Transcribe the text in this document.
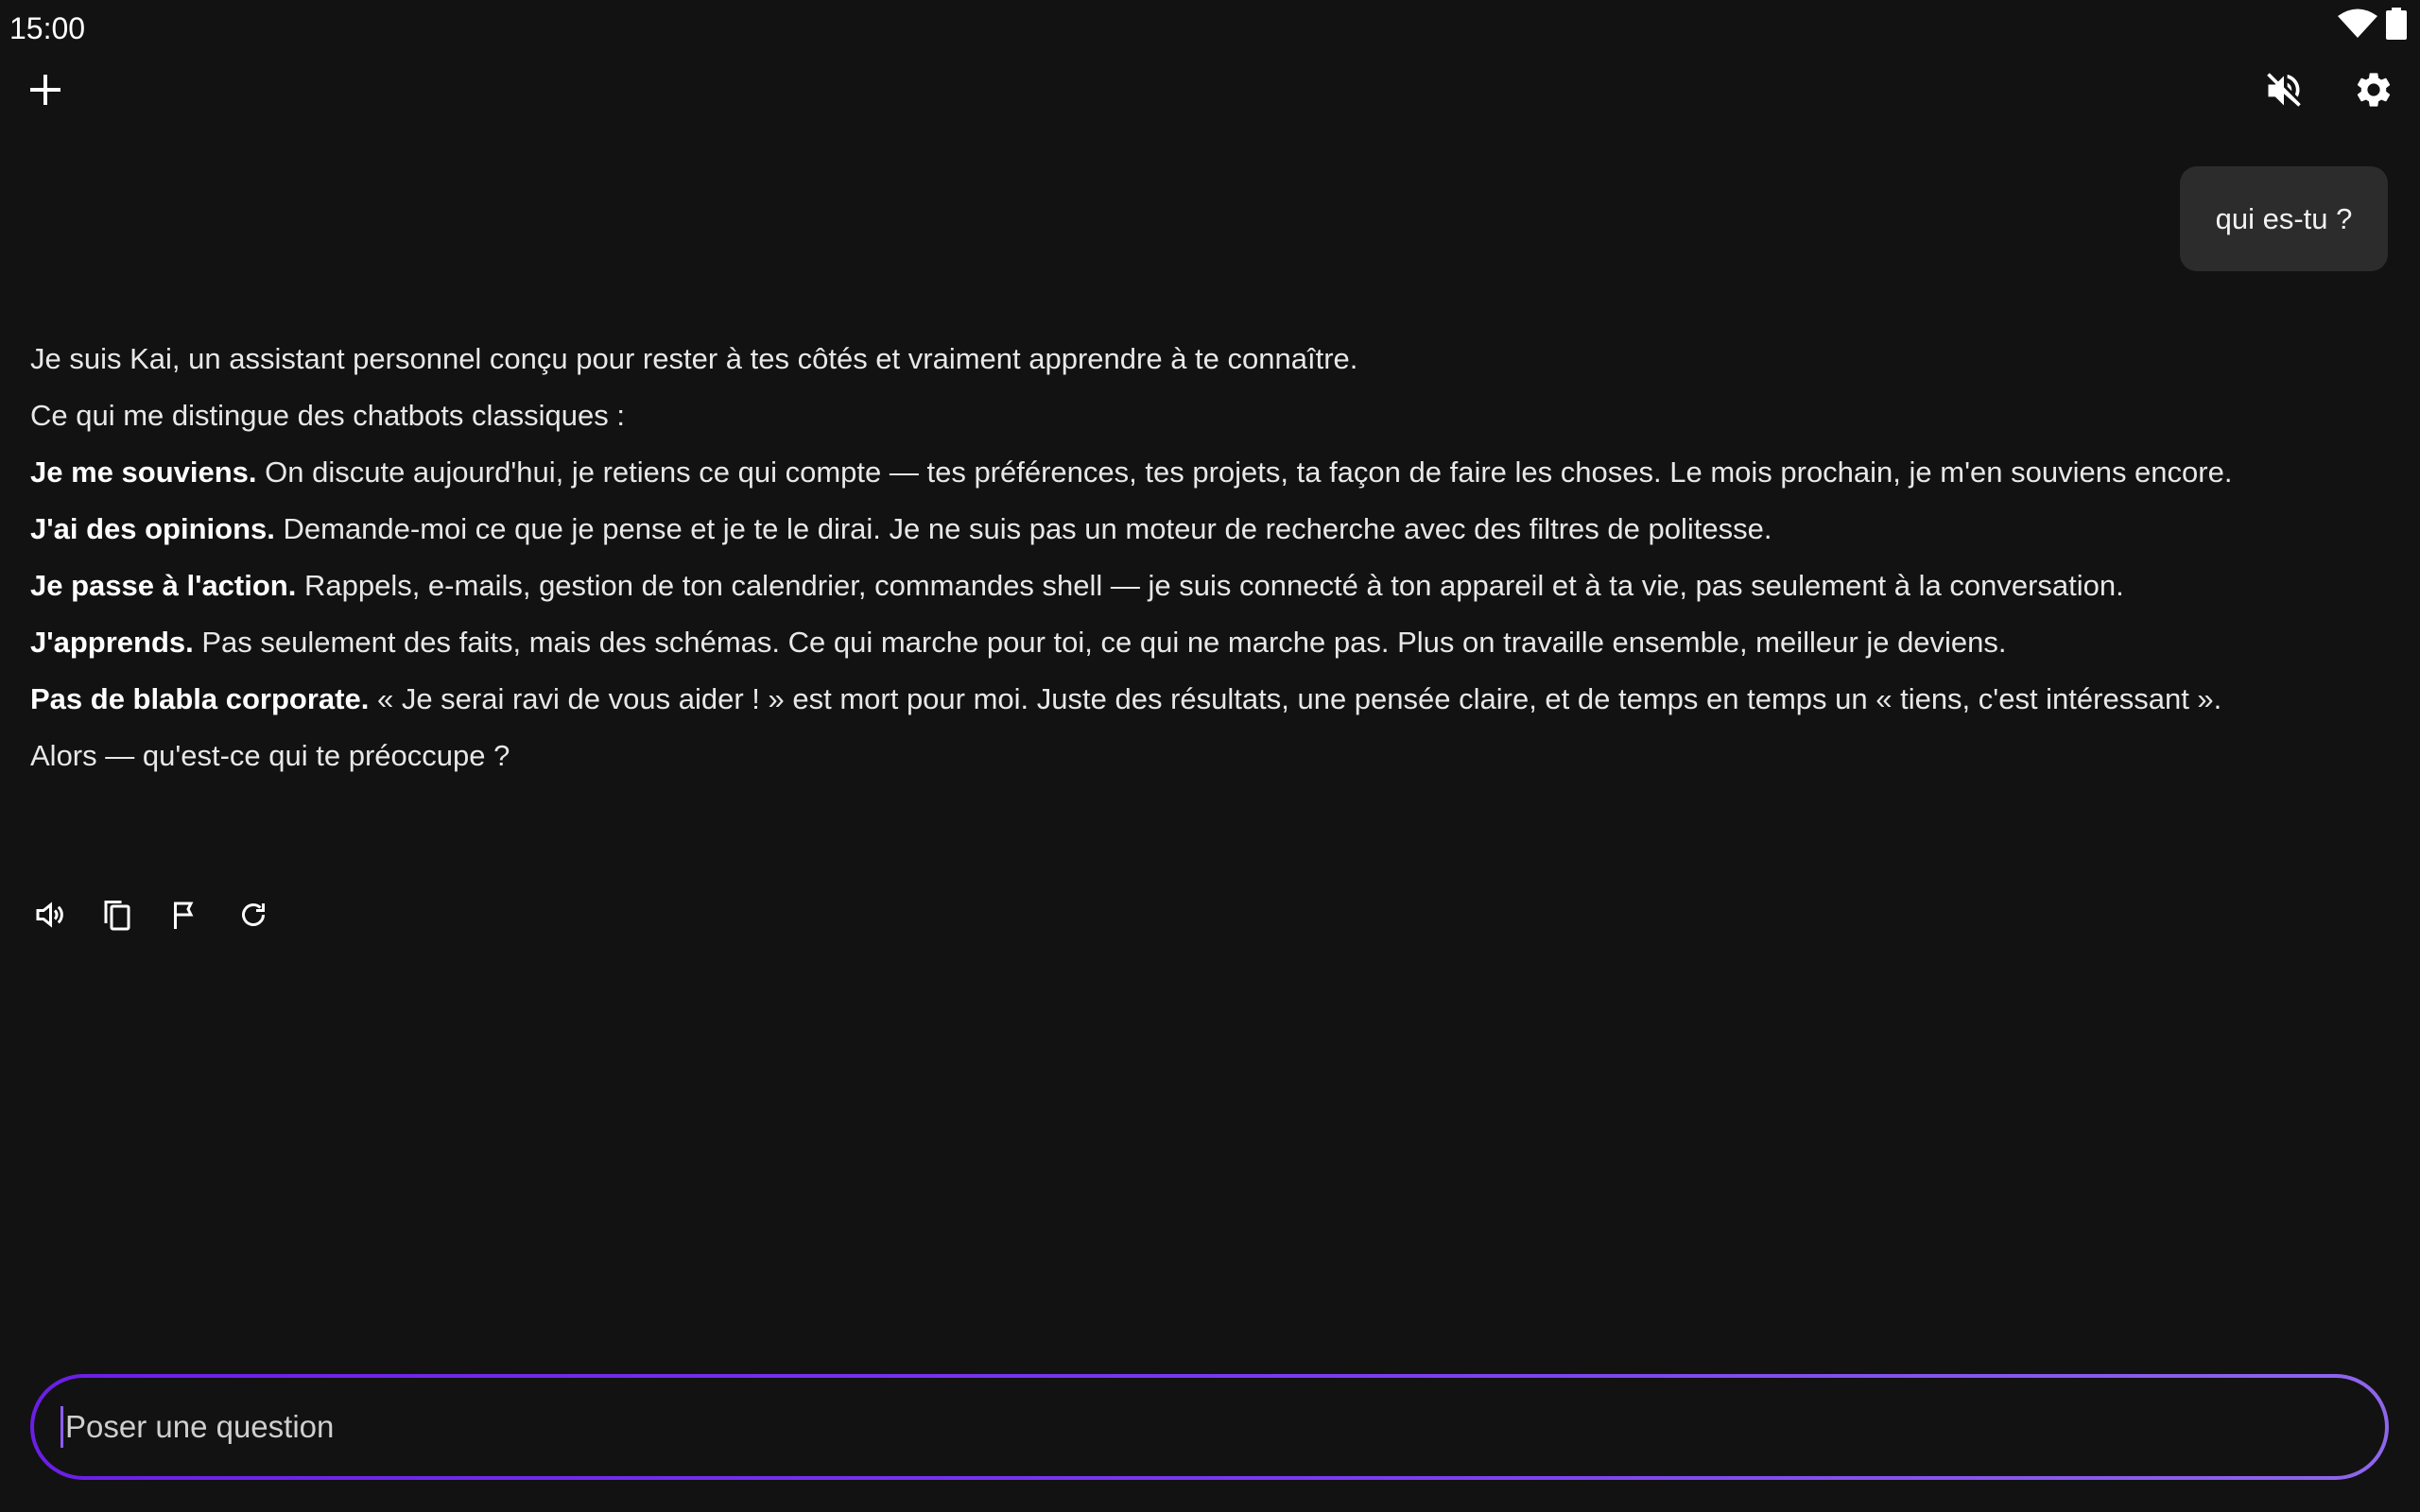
15:00
qui es-tu ?

Je suis Kai, un assistant personnel conçu pour rester à tes côtés et vraiment apprendre à te connaître.

Ce qui me distingue des chatbots classiques :

Je me souviens. On discute aujourd'hui, je retiens ce qui compte — tes préférences, tes projets, ta façon de faire les choses. Le mois prochain, je m'en souviens encore.

J'ai des opinions. Demande-moi ce que je pense et je te le dirai. Je ne suis pas un moteur de recherche avec des filtres de politesse.

Je passe à l'action. Rappels, e-mails, gestion de ton calendrier, commandes shell — je suis connecté à ton appareil et à ta vie, pas seulement à la conversation.

J'apprends. Pas seulement des faits, mais des schémas. Ce qui marche pour toi, ce qui ne marche pas. Plus on travaille ensemble, meilleur je deviens.

Pas de blabla corporate. « Je serai ravi de vous aider ! » est mort pour moi. Juste des résultats, une pensée claire, et de temps en temps un « tiens, c'est intéressant ».

Alors — qu'est-ce qui te préoccupe ?

Poser une question
